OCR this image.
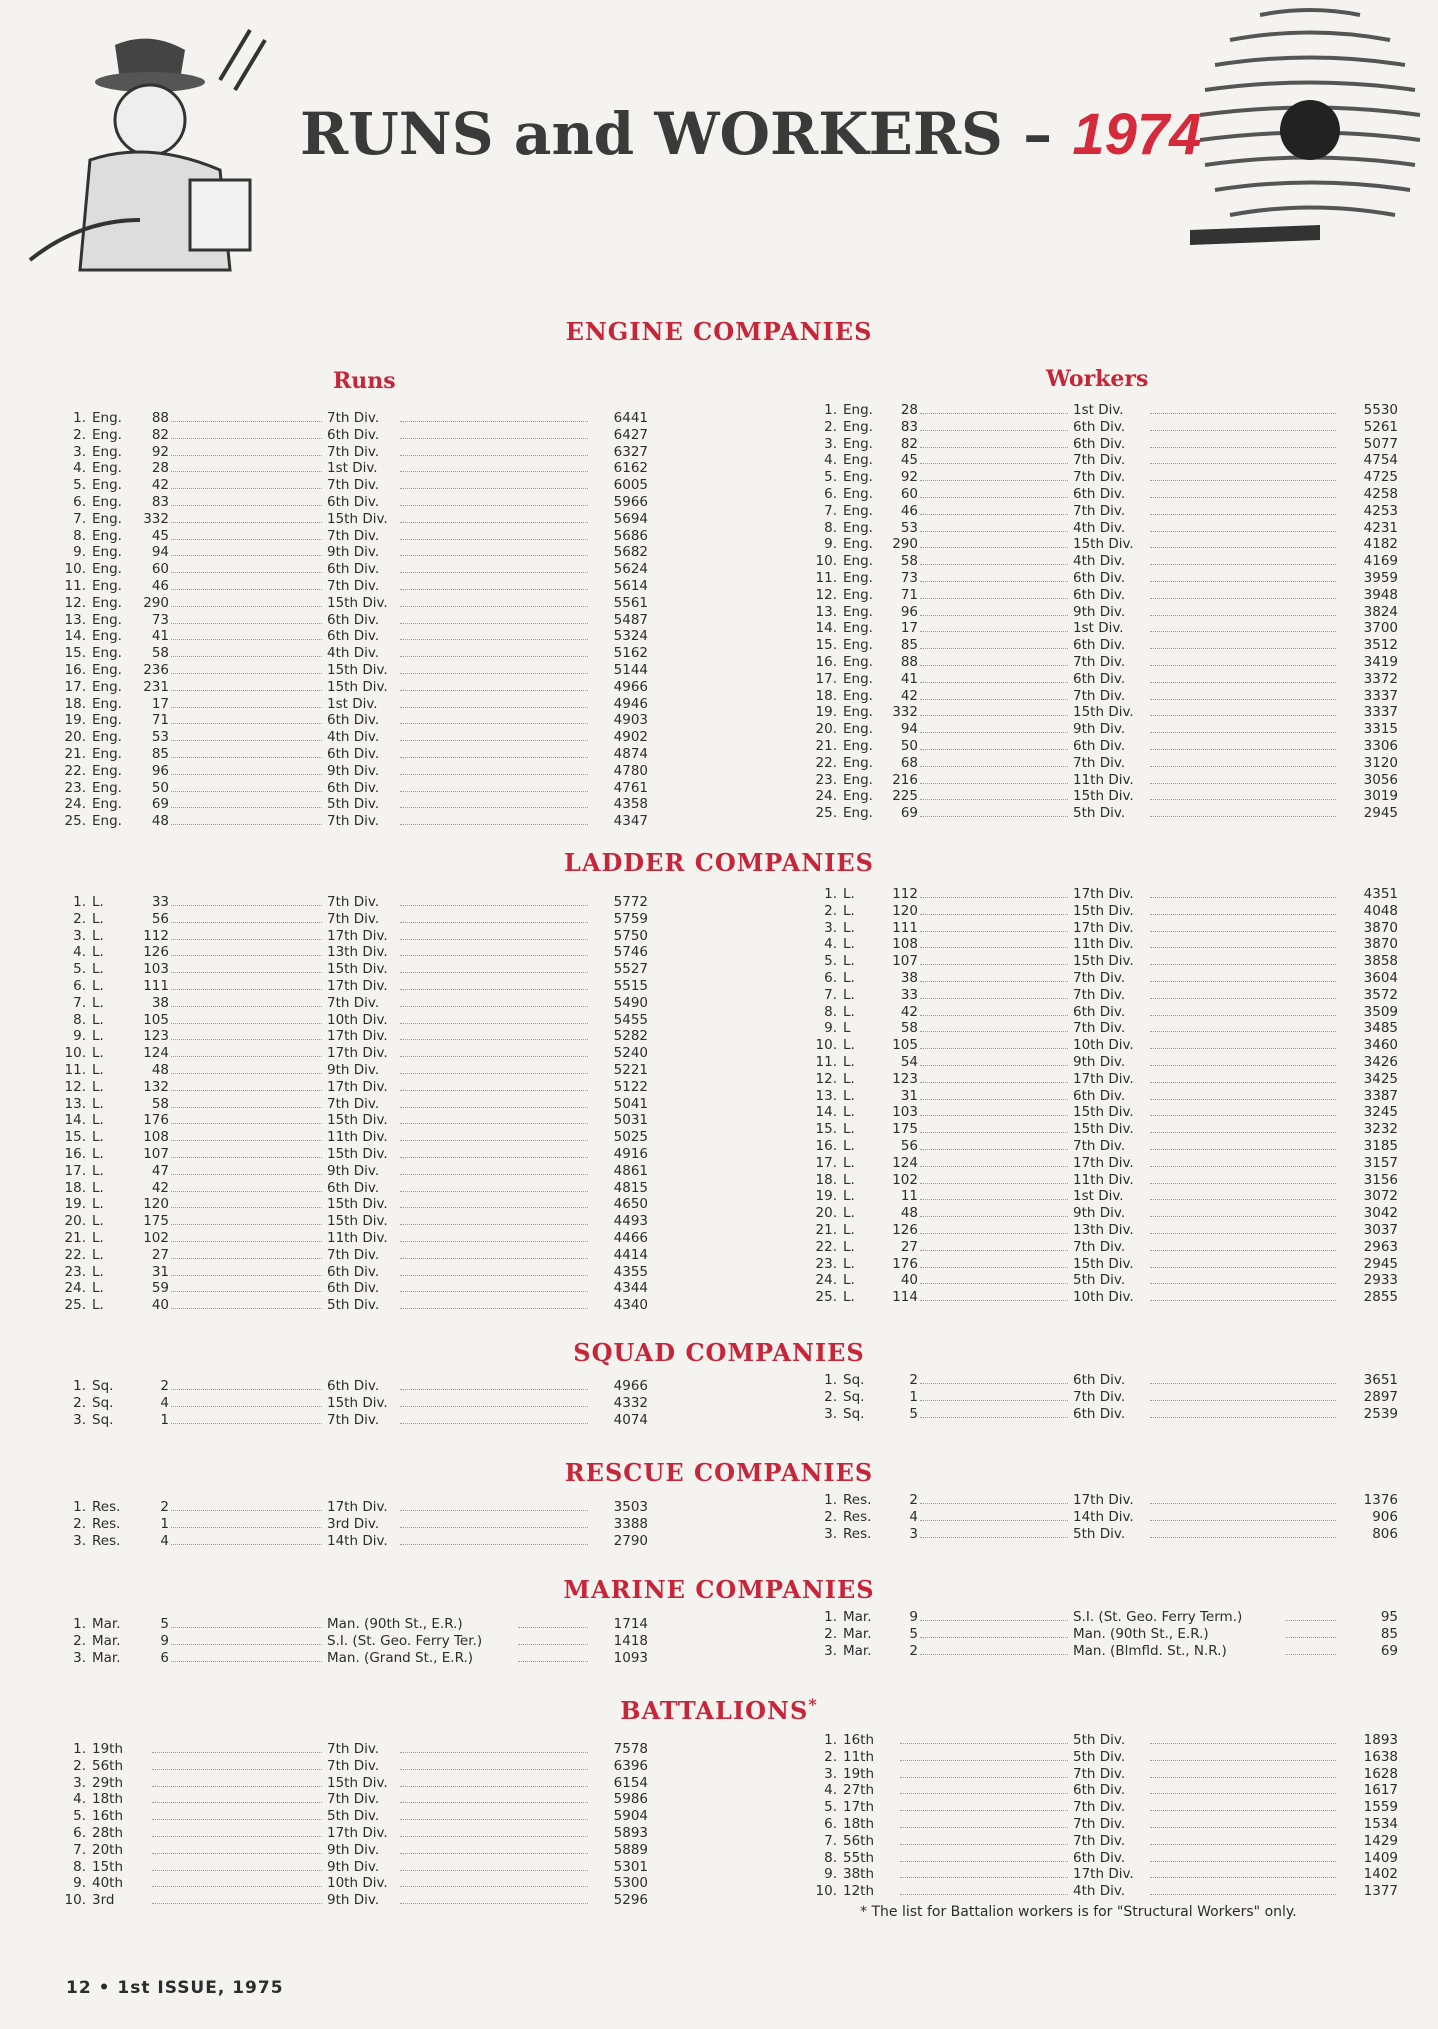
RUNS and WORKERS – 1974
ENGINE COMPANIES
Runs	Workers
1. Eng.	88	7th Div.	6441
2. Eng.	82	6th Div.	6427
3. Eng.	92	7th Div.	6327
4. Eng.	28	1st Div.	6162
5. Eng.	42	7th Div.	6005
6. Eng.	83	6th Div.	5966
7. Eng.	332	15th Div.	5694
8. Eng.	45	7th Div.	5686
9. Eng.	94	9th Div.	5682
10. Eng.	60	6th Div.	5624
11. Eng.	46	7th Div.	5614
12. Eng.	290	15th Div.	5561
13. Eng.	73	6th Div.	5487
14. Eng.	41	6th Div.	5324
15. Eng.	58	4th Div.	5162
16. Eng.	236	15th Div.	5144
17. Eng.	231	15th Div.	4966
18. Eng.	17	1st Div.	4946
19. Eng.	71	6th Div.	4903
20. Eng.	53	4th Div.	4902
21. Eng.	85	6th Div.	4874
22. Eng.	96	9th Div.	4780
23. Eng.	50	6th Div.	4761
24. Eng.	69	5th Div.	4358
25. Eng.	48	7th Div.	4347
1. Eng.	28	1st Div.	5530
2. Eng.	83	6th Div.	5261
3. Eng.	82	6th Div.	5077
4. Eng.	45	7th Div.	4754
5. Eng.	92	7th Div.	4725
6. Eng.	60	6th Div.	4258
7. Eng.	46	7th Div.	4253
8. Eng.	53	4th Div.	4231
9. Eng.	290	15th Div.	4182
10. Eng.	58	4th Div.	4169
11. Eng.	73	6th Div.	3959
12. Eng.	71	6th Div.	3948
13. Eng.	96	9th Div.	3824
14. Eng.	17	1st Div.	3700
15. Eng.	85	6th Div.	3512
16. Eng.	88	7th Div.	3419
17. Eng.	41	6th Div.	3372
18. Eng.	42	7th Div.	3337
19. Eng.	332	15th Div.	3337
20. Eng.	94	9th Div.	3315
21. Eng.	50	6th Div.	3306
22. Eng.	68	7th Div.	3120
23. Eng.	216	11th Div.	3056
24. Eng.	225	15th Div.	3019
25. Eng.	69	5th Div.	2945
LADDER COMPANIES
1. L.	33	7th Div.	5772
2. L.	56	7th Div.	5759
3. L.	112	17th Div.	5750
4. L.	126	13th Div.	5746
5. L.	103	15th Div.	5527
6. L.	111	17th Div.	5515
7. L.	38	7th Div.	5490
8. L.	105	10th Div.	5455
9. L.	123	17th Div.	5282
10. L.	124	17th Div.	5240
11. L.	48	9th Div.	5221
12. L.	132	17th Div.	5122
13. L.	58	7th Div.	5041
14. L.	176	15th Div.	5031
15. L.	108	11th Div.	5025
16. L.	107	15th Div.	4916
17. L.	47	9th Div.	4861
18. L.	42	6th Div.	4815
19. L.	120	15th Div.	4650
20. L.	175	15th Div.	4493
21. L.	102	11th Div.	4466
22. L.	27	7th Div.	4414
23. L.	31	6th Div.	4355
24. L.	59	6th Div.	4344
25. L.	40	5th Div.	4340
1. L.	112	17th Div.	4351
2. L.	120	15th Div.	4048
3. L.	111	17th Div.	3870
4. L.	108	11th Div.	3870
5. L.	107	15th Div.	3858
6. L.	38	7th Div.	3604
7. L.	33	7th Div.	3572
8. L.	42	6th Div.	3509
9. L	58	7th Div.	3485
10. L.	105	10th Div.	3460
11. L.	54	9th Div.	3426
12. L.	123	17th Div.	3425
13. L.	31	6th Div.	3387
14. L.	103	15th Div.	3245
15. L.	175	15th Div.	3232
16. L.	56	7th Div.	3185
17. L.	124	17th Div.	3157
18. L.	102	11th Div.	3156
19. L.	11	1st Div.	3072
20. L.	48	9th Div.	3042
21. L.	126	13th Div.	3037
22. L.	27	7th Div.	2963
23. L.	176	15th Div.	2945
24. L.	40	5th Div.	2933
25. L.	114	10th Div.	2855
SQUAD COMPANIES
1. Sq.	2	6th Div.	4966
2. Sq.	4	15th Div.	4332
3. Sq.	1	7th Div.	4074
1. Sq.	2	6th Div.	3651
2. Sq.	1	7th Div.	2897
3. Sq.	5	6th Div.	2539
RESCUE COMPANIES
1. Res.	2	17th Div.	3503
2. Res.	1	3rd Div.	3388
3. Res.	4	14th Div.	2790
1. Res.	2	17th Div.	1376
2. Res.	4	14th Div.	906
3. Res.	3	5th Div.	806
MARINE COMPANIES
1. Mar.	5	Man. (90th St., E.R.)	1714
2. Mar.	9	S.I. (St. Geo. Ferry Ter.)	1418
3. Mar.	6	Man. (Grand St., E.R.)	1093
1. Mar.	9	S.I. (St. Geo. Ferry Term.)	95
2. Mar.	5	Man. (90th St., E.R.)	85
3. Mar.	2	Man. (Blmfld. St., N.R.)	69
BATTALIONS*
1. 19th	7th Div.	7578
2. 56th	7th Div.	6396
3. 29th	15th Div.	6154
4. 18th	7th Div.	5986
5. 16th	5th Div.	5904
6. 28th	17th Div.	5893
7. 20th	9th Div.	5889
8. 15th	9th Div.	5301
9. 40th	10th Div.	5300
10. 3rd	9th Div.	5296
1. 16th	5th Div.	1893
2. 11th	5th Div.	1638
3. 19th	7th Div.	1628
4. 27th	6th Div.	1617
5. 17th	7th Div.	1559
6. 18th	7th Div.	1534
7. 56th	7th Div.	1429
8. 55th	6th Div.	1409
9. 38th	17th Div.	1402
10. 12th	4th Div.	1377
* The list for Battalion workers is for "Structural Workers" only.
12 • 1st ISSUE, 1975
